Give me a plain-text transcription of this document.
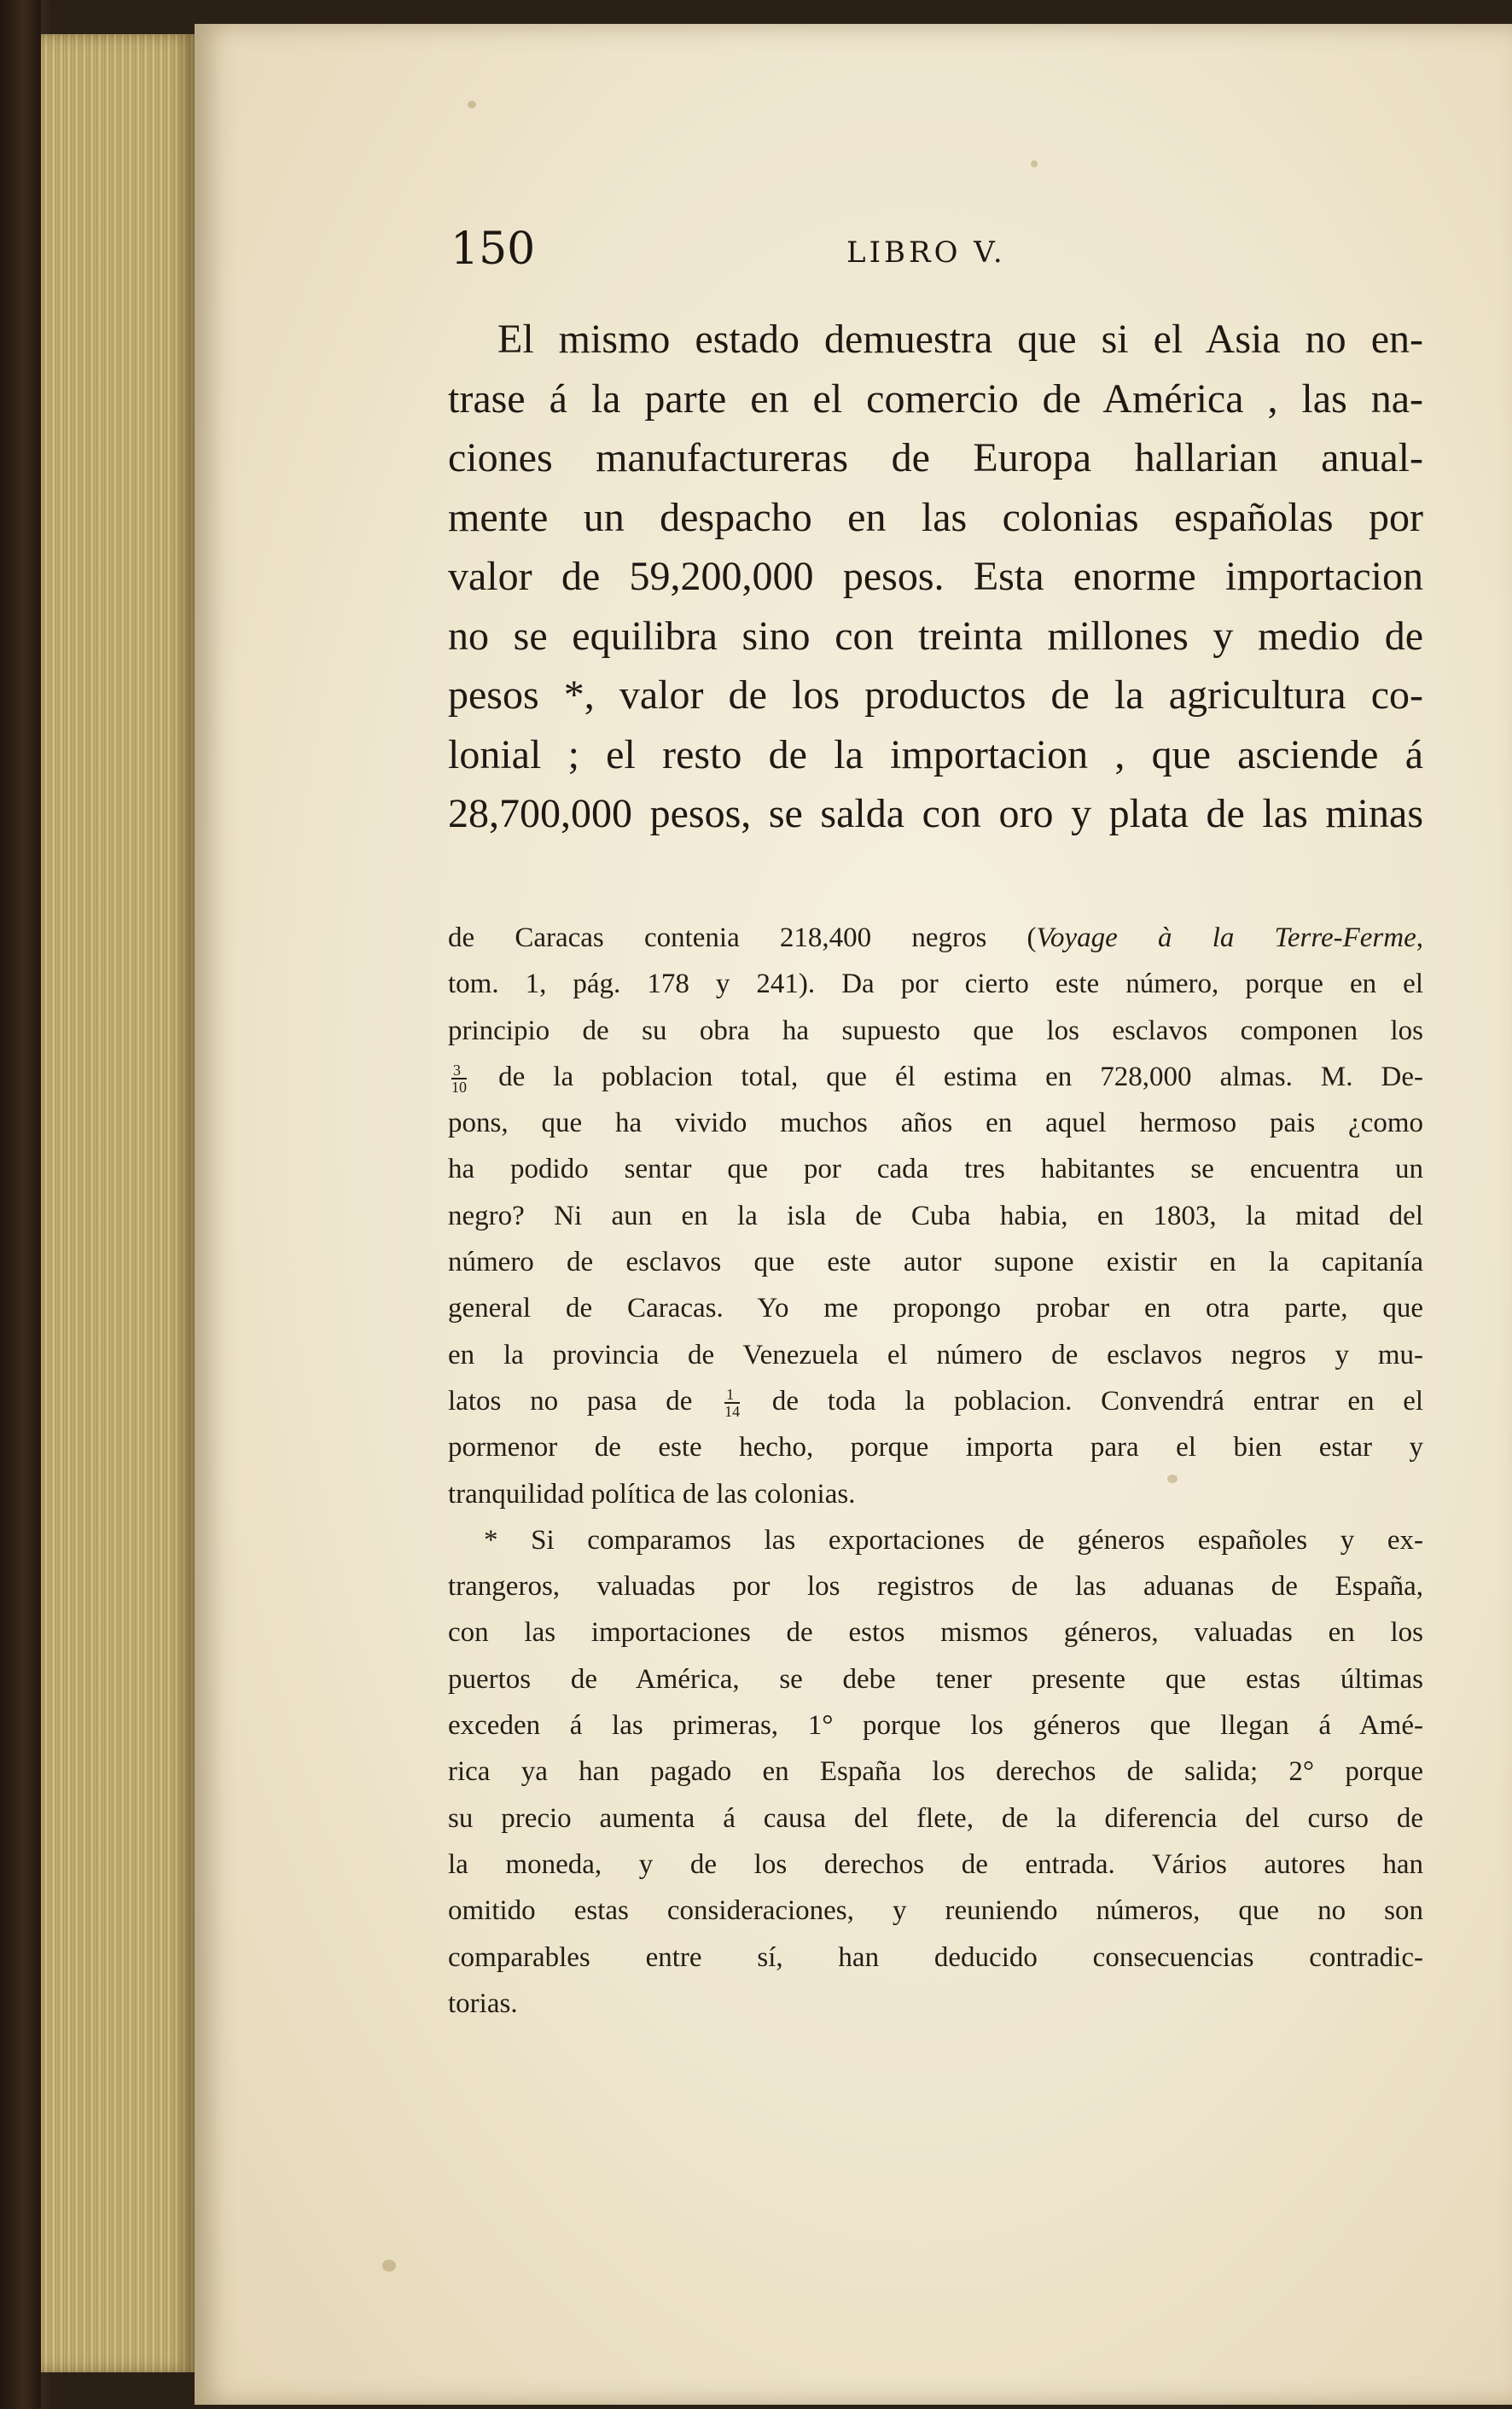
150	LIBRO V.
El mismo estado demuestra que si el Asia no en-
trase á la parte en el comercio de América , las na-
ciones manufactureras de Europa hallarian anual-
mente un despacho en las colonias españolas por
valor de 59,200,000 pesos. Esta enorme importacion
no se equilibra sino con treinta millones y medio de
pesos *, valor de los productos de la agricultura co-
lonial ; el resto de la importacion , que asciende á
28,700,000 pesos, se salda con oro y plata de las minas
de Caracas contenia 218,400 negros (Voyage à la Terre-Ferme,
tom. 1, pág. 178 y 241). Da por cierto este número, porque en el
principio de su obra ha supuesto que los esclavos componen los
$\frac{3}{10}$ de la poblacion total, que él estima en 728,000 almas. M. De-
pons, que ha vivido muchos años en aquel hermoso pais ¿como
ha podido sentar que por cada tres habitantes se encuentra un
negro? Ni aun en la isla de Cuba habia, en 1803, la mitad del
número de esclavos que este autor supone existir en la capitanía
general de Caracas. Yo me propongo probar en otra parte, que
en la provincia de Venezuela el número de esclavos negros y mu-
latos no pasa de $\frac{1}{14}$ de toda la poblacion. Convendrá entrar en el
pormenor de este hecho, porque importa para el bien estar y
tranquilidad política de las colonias.
* Si comparamos las exportaciones de géneros españoles y ex-
trangeros, valuadas por los registros de las aduanas de España,
con las importaciones de estos mismos géneros, valuadas en los
puertos de América, se debe tener presente que estas últimas
exceden á las primeras, 1° porque los géneros que llegan á Amé-
rica ya han pagado en España los derechos de salida; 2° porque
su precio aumenta á causa del flete, de la diferencia del curso de
la moneda, y de los derechos de entrada. Vários autores han
omitido estas consideraciones, y reuniendo números, que no son
comparables entre sí, han deducido consecuencias contradic-
torias.
